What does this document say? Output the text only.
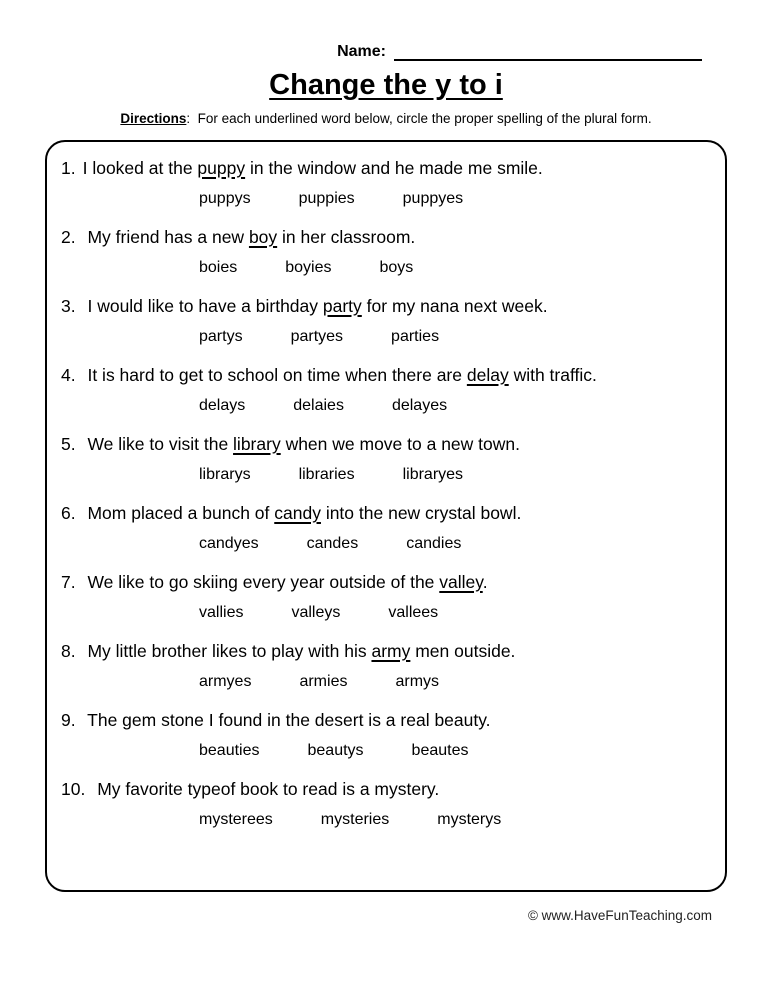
Name:
Change the y to i
Directions:  For each underlined word below, circle the proper spelling of the plural form.
1. I looked at the puppy in the window and he made me smile.
puppys	puppies	puppyes
2. My friend has a new boy in her classroom.
boies	boyies	boys
3. I would like to have a birthday party for my nana next week.
partys	partyes	parties
4. It is hard to get to school on time when there are delay with traffic.
delays	delaies	delayes
5. We like to visit the library when we move to a new town.
librarys	libraries	libraryes
6. Mom placed a bunch of candy into the new crystal bowl.
candyes	candes	candies
7. We like to go skiing every year outside of the valley.
vallies	valleys	vallees
8. My little brother likes to play with his army men outside.
armyes	armies	armys
9. The gem stone I found in the desert is a real beauty.
beauties	beautys	beautes
10. My favorite typeof book to read is a mystery.
mysterees	mysteries	mysterys
© www.HaveFunTeaching.com
